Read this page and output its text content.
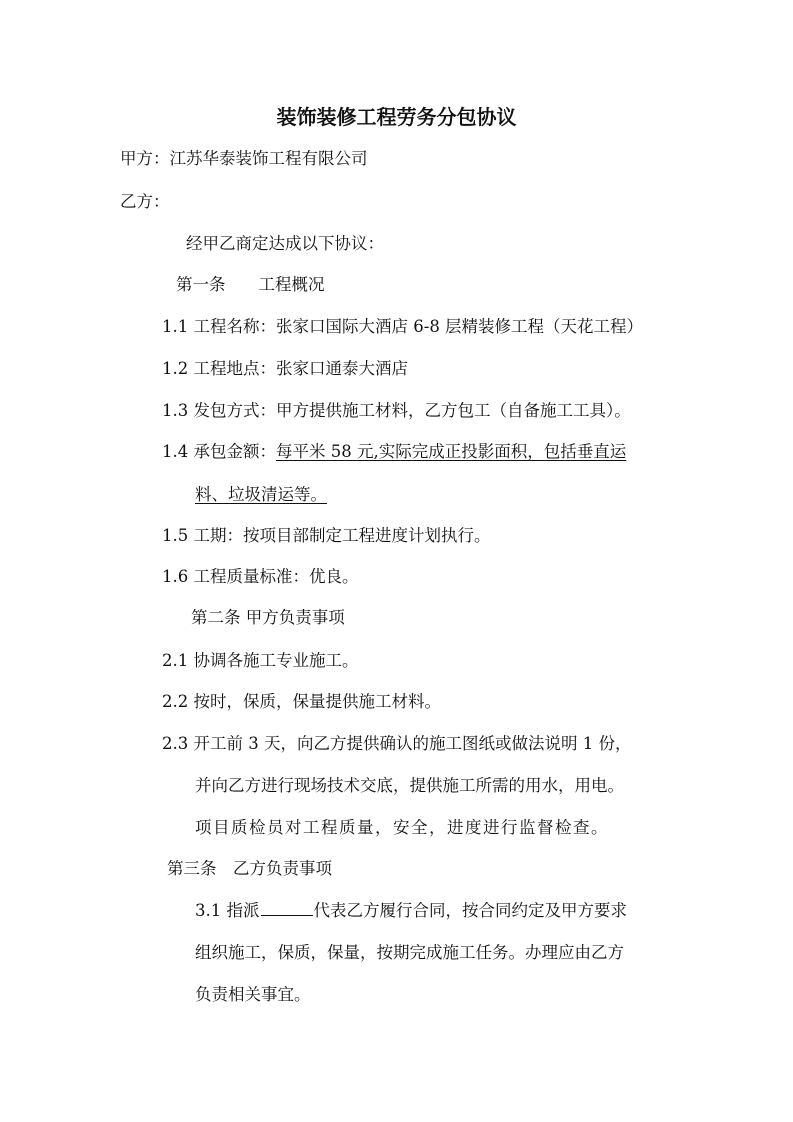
装饰装修工程劳务分包协议
甲方：江苏华泰装饰工程有限公司
乙方：
经甲乙商定达成以下协议：
第一条　　工程概况
1.1 工程名称：张家口国际大酒店 6-8 层精装修工程（天花工程）
1.2 工程地点：张家口通泰大酒店
1.3 发包方式：甲方提供施工材料，乙方包工（自备施工工具）。
1.4 承包金额：每平米 58 元,实际完成正投影面积，包括垂直运
料、垃圾清运等。
1.5 工期：按项目部制定工程进度计划执行。
1.6 工程质量标准：优良。
第二条 甲方负责事项
2.1 协调各施工专业施工。
2.2 按时，保质，保量提供施工材料。
2.3 开工前 3 天，向乙方提供确认的施工图纸或做法说明 1 份，
并向乙方进行现场技术交底，提供施工所需的用水，用电。
项目质检员对工程质量，安全，进度进行监督检查。
第三条　乙方负责事项
3.1 指派	代表乙方履行合同，按合同约定及甲方要求
组织施工，保质，保量，按期完成施工任务。办理应由乙方
负责相关事宜。
